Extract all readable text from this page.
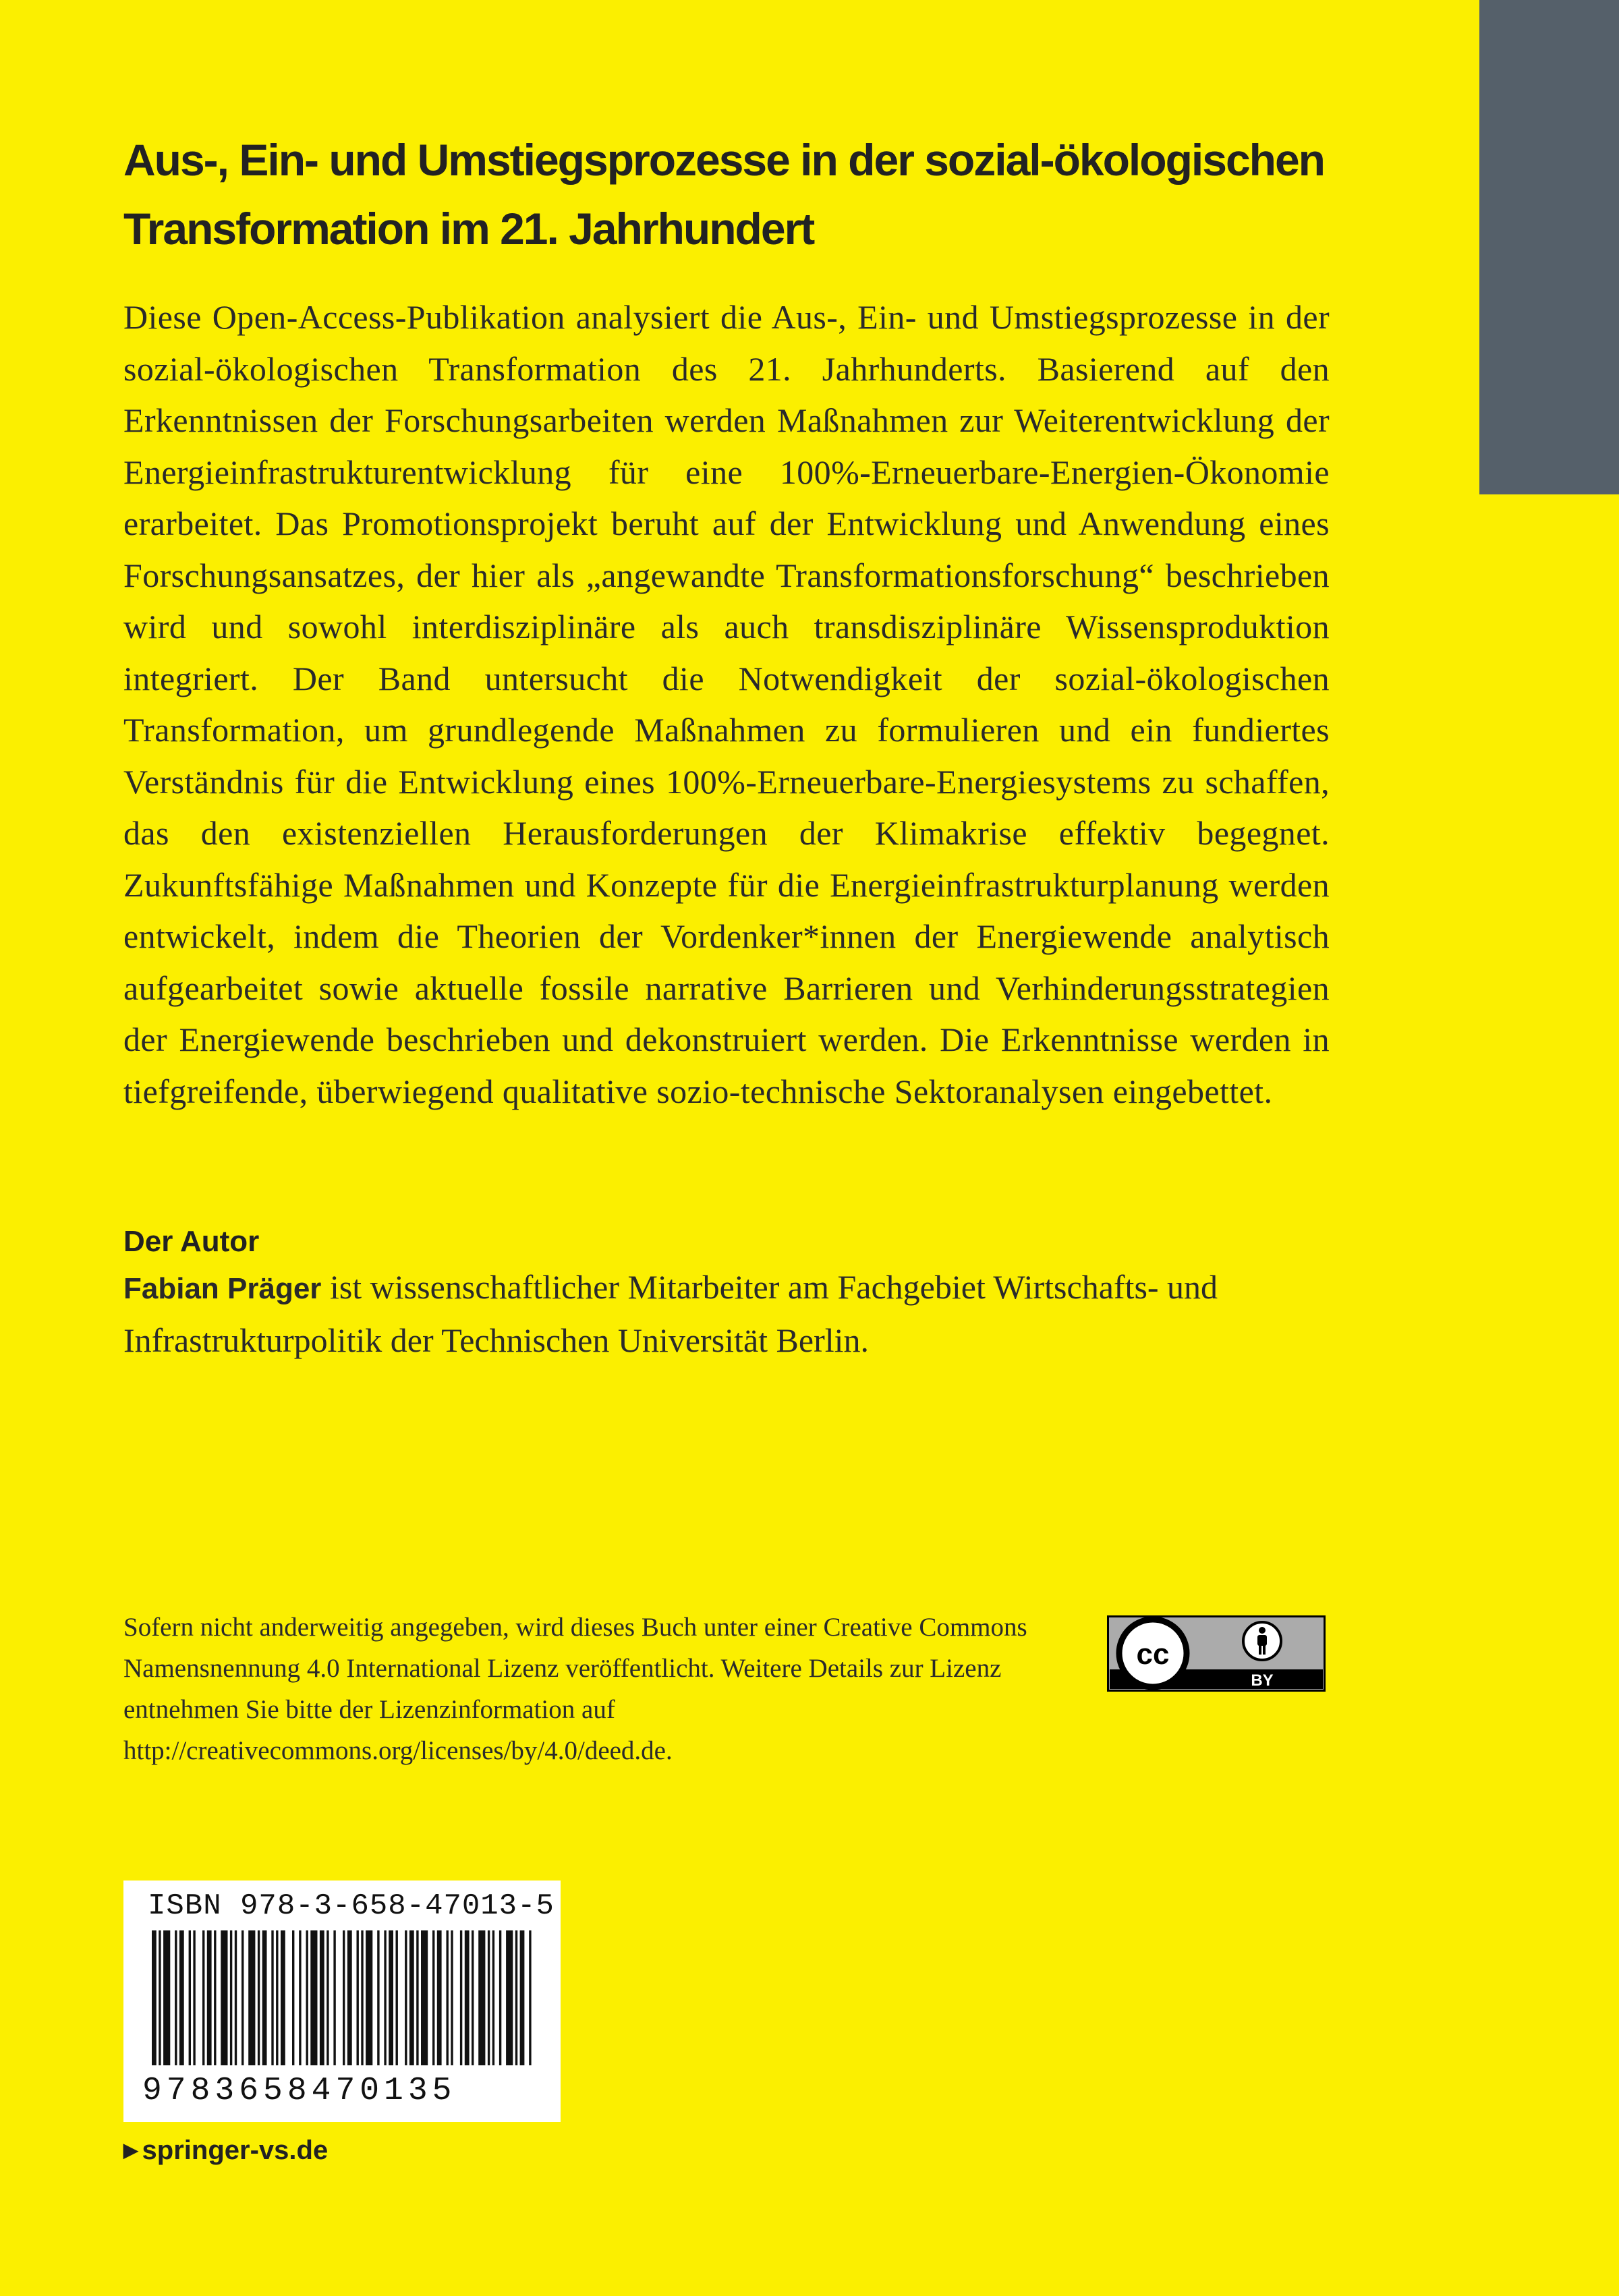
Aus-, Ein- und Umstiegsprozesse in der sozial-ökologischen Transformation im 21. Jahrhundert
Diese Open-Access-Publikation analysiert die Aus-, Ein- und Umstiegsprozesse in der sozial-ökologischen Transformation des 21. Jahrhunderts. Basierend auf den Erkenntnissen der Forschungsarbeiten werden Maßnahmen zur Weiterentwicklung der Energieinfrastrukturentwicklung für eine 100%-Erneuerbare-Energien-Ökonomie erarbeitet. Das Promotionsprojekt beruht auf der Entwicklung und Anwendung eines Forschungsansatzes, der hier als „angewandte Transformationsforschung“ beschrieben wird und sowohl interdisziplinäre als auch transdisziplinäre Wissensproduktion integriert. Der Band untersucht die Notwendigkeit der sozial-ökologischen Transformation, um grundlegende Maßnahmen zu formulieren und ein fundiertes Verständnis für die Entwicklung eines 100%-Erneuerbare-Energiesystems zu schaffen, das den existenziellen Herausforderungen der Klimakrise effektiv begegnet. Zukunftsfähige Maßnahmen und Konzepte für die Energieinfrastrukturplanung werden entwickelt, indem die Theorien der Vordenker*innen der Energiewende analytisch aufgearbeitet sowie aktuelle fossile narrative Barrieren und Verhinderungsstrategien der Energiewende beschrieben und dekonstruiert werden. Die Erkenntnisse werden in tiefgreifende, überwiegend qualitative sozio-technische Sektoranalysen eingebettet.
Der Autor
Fabian Präger ist wissenschaftlicher Mitarbeiter am Fachgebiet Wirtschafts- und Infrastrukturpolitik der Technischen Universität Berlin.
Sofern nicht anderweitig angegeben, wird dieses Buch unter einer Creative Commons Namensnennung 4.0 International Lizenz veröffentlicht. Weitere Details zur Lizenz entnehmen Sie bitte der Lizenzinformation auf http://creativecommons.org/licenses/by/4.0/deed.de.
cc
BY
ISBN 978-3-658-47013-5
9783658470135
▶ springer-vs.de
